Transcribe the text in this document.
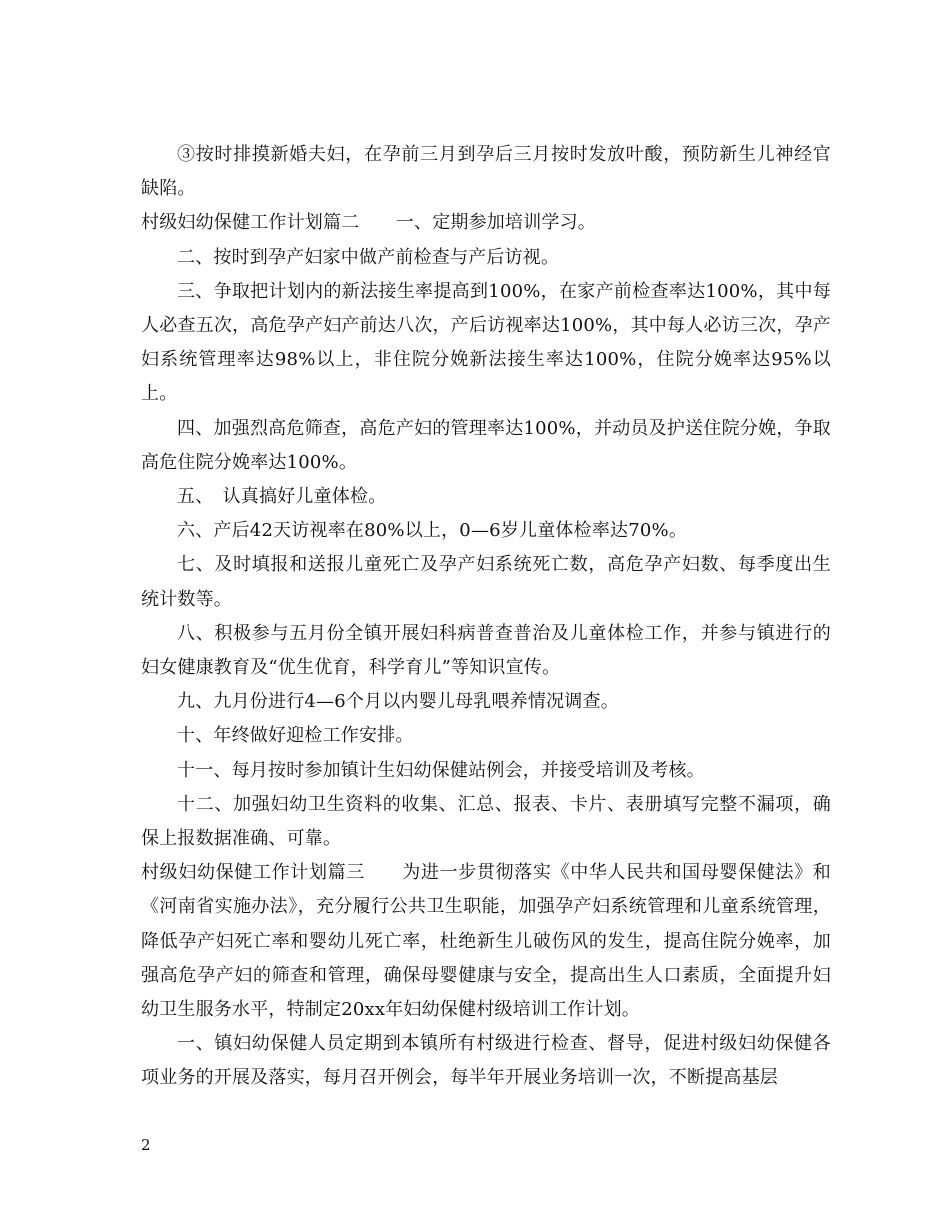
③按时排摸新婚夫妇，在孕前三月到孕后三月按时发放叶酸，预防新生儿神经官缺陷。

村级妇幼保健工作计划篇二　　一、定期参加培训学习。

二、按时到孕产妇家中做产前检查与产后访视。

三、争取把计划内的新法接生率提高到100%，在家产前检查率达100%，其中每人必查五次，高危孕产妇产前达八次，产后访视率达100%，其中每人必访三次，孕产妇系统管理率达98%以上，非住院分娩新法接生率达100%，住院分娩率达95%以上。

四、加强烈高危筛查，高危产妇的管理率达100%，并动员及护送住院分娩，争取高危住院分娩率达100%。

五、　认真搞好儿童体检。

六、产后42天访视率在80%以上，0—6岁儿童体检率达70%。

七、及时填报和送报儿童死亡及孕产妇系统死亡数，高危孕产妇数、每季度出生统计数等。

八、积极参与五月份全镇开展妇科病普查普治及儿童体检工作，并参与镇进行的妇女健康教育及“优生优育，科学育儿”等知识宣传。

九、九月份进行4—6个月以内婴儿母乳喂养情况调查。

十、年终做好迎检工作安排。

十一、每月按时参加镇计生妇幼保健站例会，并接受培训及考核。

十二、加强妇幼卫生资料的收集、汇总、报表、卡片、表册填写完整不漏项，确保上报数据准确、可靠。

村级妇幼保健工作计划篇三　　为进一步贯彻落实《中华人民共和国母婴保健法》和《河南省实施办法》，充分履行公共卫生职能，加强孕产妇系统管理和儿童系统管理，降低孕产妇死亡率和婴幼儿死亡率，杜绝新生儿破伤风的发生，提高住院分娩率，加强高危孕产妇的筛查和管理，确保母婴健康与安全，提高出生人口素质，全面提升妇幼卫生服务水平，特制定20xx年妇幼保健村级培训工作计划。

一、镇妇幼保健人员定期到本镇所有村级进行检查、督导，促进村级妇幼保健各项业务的开展及落实，每月召开例会，每半年开展业务培训一次，不断提高基层

2
